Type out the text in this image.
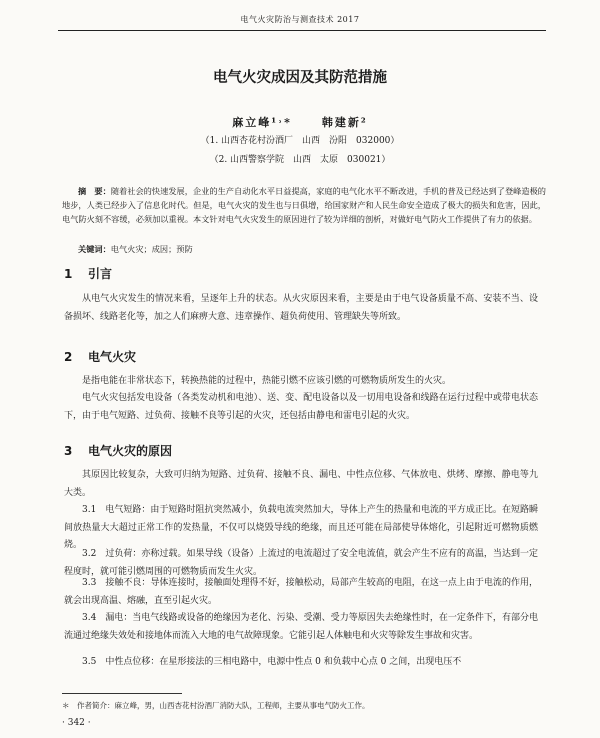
电气火灾防治与测查技术 2017
电气火灾成因及其防范措施
麻立峰¹˒*	韩建新²
（1. 山西杏花村汾酒厂　山西　汾阳　032000）
（2. 山西警察学院　山西　太原　030021）
摘　要：随着社会的快速发展，企业的生产自动化水平日益提高，家庭的电气化水平不断改进，手机的普及已经达到了登峰造极的地步，人类已经步入了信息化时代。但是，电气火灾的发生也与日俱增，给国家财产和人民生命安全造成了极大的损失和危害，因此，电气防火刻不容缓，必须加以重视。本文针对电气火灾发生的原因进行了较为详细的剖析，对做好电气防火工作提供了有力的依据。
关键词：电气火灾；成因；预防
1 引言
从电气火灾发生的情况来看，呈逐年上升的状态。从火灾原因来看，主要是由于电气设备质量不高、安装不当、设备损坏、线路老化等，加之人们麻痹大意、违章操作、超负荷使用、管理缺失等所致。
2 电气火灾
是指电能在非常状态下，转换热能的过程中，热能引燃不应该引燃的可燃物质所发生的火灾。
电气火灾包括发电设备（各类发动机和电池）、送、变、配电设备以及一切用电设备和线路在运行过程中或带电状态下，由于电气短路、过负荷、接触不良等引起的火灾，还包括由静电和雷电引起的火灾。
3 电气火灾的原因
其原因比较复杂，大致可归纳为短路、过负荷、接触不良、漏电、中性点位移、气体放电、烘烤、摩擦、静电等九大类。
3.1　电气短路：由于短路时阻抗突然减小，负载电流突然加大，导体上产生的热量和电流的平方成正比。在短路瞬间放热量大大超过正常工作的发热量，不仅可以烧毁导线的绝缘，而且还可能在局部使导体熔化，引起附近可燃物质燃烧。
3.2　过负荷：亦称过载。如果导线（设备）上流过的电流超过了安全电流值，就会产生不应有的高温，当达到一定程度时，就可能引燃周围的可燃物质而发生火灾。
3.3　接触不良：导体连接时，接触面处理得不好，接触松动，局部产生较高的电阻，在这一点上由于电流的作用，就会出现高温、熔融，直至引起火灾。
3.4　漏电：当电气线路或设备的绝缘因为老化、污染、受潮、受力等原因失去绝缘性时，在一定条件下，有部分电流通过绝缘失效处和接地体而流入大地的电气故障现象。它能引起人体触电和火灾等除发生事故和灾害。
3.5　中性点位移：在星形接法的三相电路中，电源中性点 0 和负载中心点 0 之间，出现电压不
＊　作者简介：麻立峰，男，山西杏花村汾酒厂消防大队，工程师，主要从事电气防火工作。
· 342 ·
